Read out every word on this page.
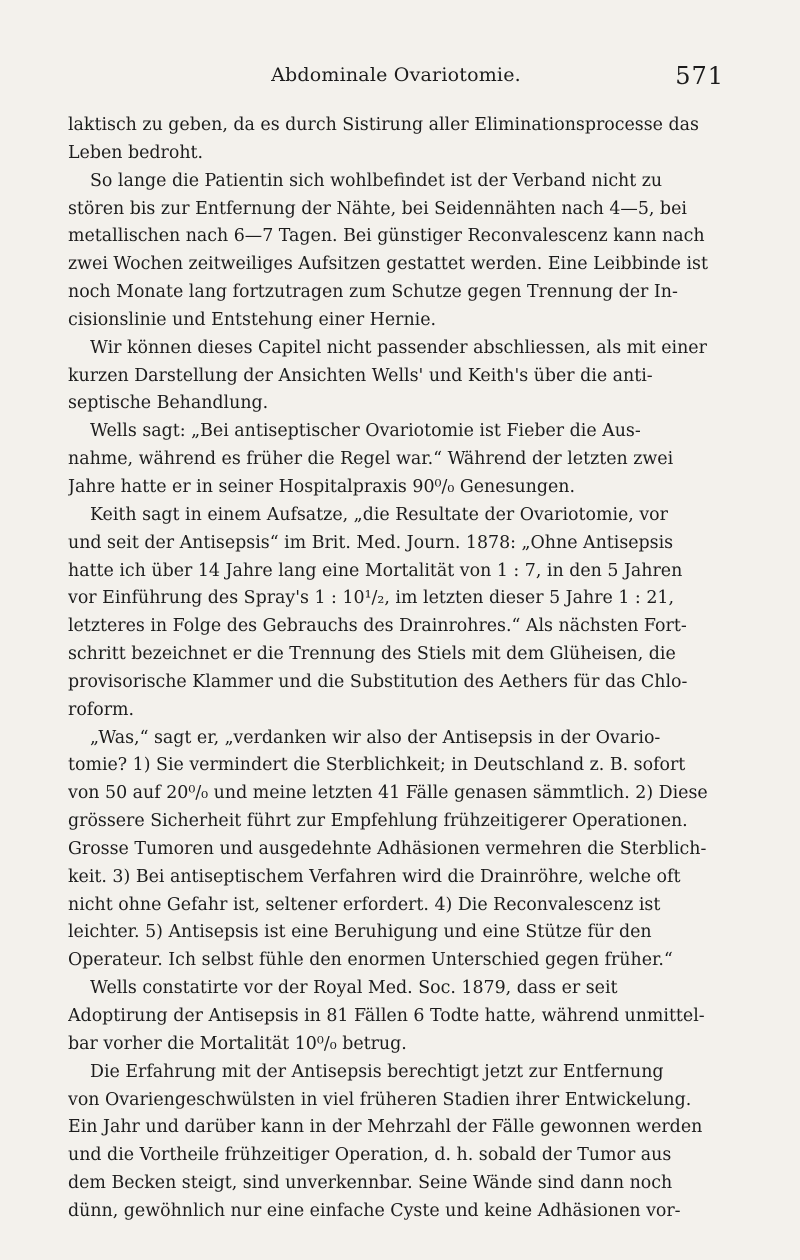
Abdominale Ovariotomie.	571
laktisch zu geben, da es durch Sistirung aller Eliminationsprocesse das
Leben bedroht.
So lange die Patientin sich wohlbefindet ist der Verband nicht zu
stören bis zur Entfernung der Nähte, bei Seidennähten nach 4—5, bei
metallischen nach 6—7 Tagen. Bei günstiger Reconvalescenz kann nach
zwei Wochen zeitweiliges Aufsitzen gestattet werden. Eine Leibbinde ist
noch Monate lang fortzutragen zum Schutze gegen Trennung der In-
cisionslinie und Entstehung einer Hernie.
Wir können dieses Capitel nicht passender abschliessen, als mit einer
kurzen Darstellung der Ansichten Wells' und Keith's über die anti-
septische Behandlung.
Wells sagt: „Bei antiseptischer Ovariotomie ist Fieber die Aus-
nahme, während es früher die Regel war.“ Während der letzten zwei
Jahre hatte er in seiner Hospitalpraxis 90⁰/₀ Genesungen.
Keith sagt in einem Aufsatze, „die Resultate der Ovariotomie, vor
und seit der Antisepsis“ im Brit. Med. Journ. 1878: „Ohne Antisepsis
hatte ich über 14 Jahre lang eine Mortalität von 1 : 7, in den 5 Jahren
vor Einführung des Spray's 1 : 10¹/₂, im letzten dieser 5 Jahre 1 : 21,
letzteres in Folge des Gebrauchs des Drainrohres.“ Als nächsten Fort-
schritt bezeichnet er die Trennung des Stiels mit dem Glüheisen, die
provisorische Klammer und die Substitution des Aethers für das Chlo-
roform.
„Was,“ sagt er, „verdanken wir also der Antisepsis in der Ovario-
tomie? 1) Sie vermindert die Sterblichkeit; in Deutschland z. B. sofort
von 50 auf 20⁰/₀ und meine letzten 41 Fälle genasen sämmtlich. 2) Diese
grössere Sicherheit führt zur Empfehlung frühzeitigerer Operationen.
Grosse Tumoren und ausgedehnte Adhäsionen vermehren die Sterblich-
keit. 3) Bei antiseptischem Verfahren wird die Drainröhre, welche oft
nicht ohne Gefahr ist, seltener erfordert. 4) Die Reconvalescenz ist
leichter. 5) Antisepsis ist eine Beruhigung und eine Stütze für den
Operateur. Ich selbst fühle den enormen Unterschied gegen früher.“
Wells constatirte vor der Royal Med. Soc. 1879, dass er seit
Adoptirung der Antisepsis in 81 Fällen 6 Todte hatte, während unmittel-
bar vorher die Mortalität 10⁰/₀ betrug.
Die Erfahrung mit der Antisepsis berechtigt jetzt zur Entfernung
von Ovariengeschwülsten in viel früheren Stadien ihrer Entwickelung.
Ein Jahr und darüber kann in der Mehrzahl der Fälle gewonnen werden
und die Vortheile frühzeitiger Operation, d. h. sobald der Tumor aus
dem Becken steigt, sind unverkennbar. Seine Wände sind dann noch
dünn, gewöhnlich nur eine einfache Cyste und keine Adhäsionen vor-
